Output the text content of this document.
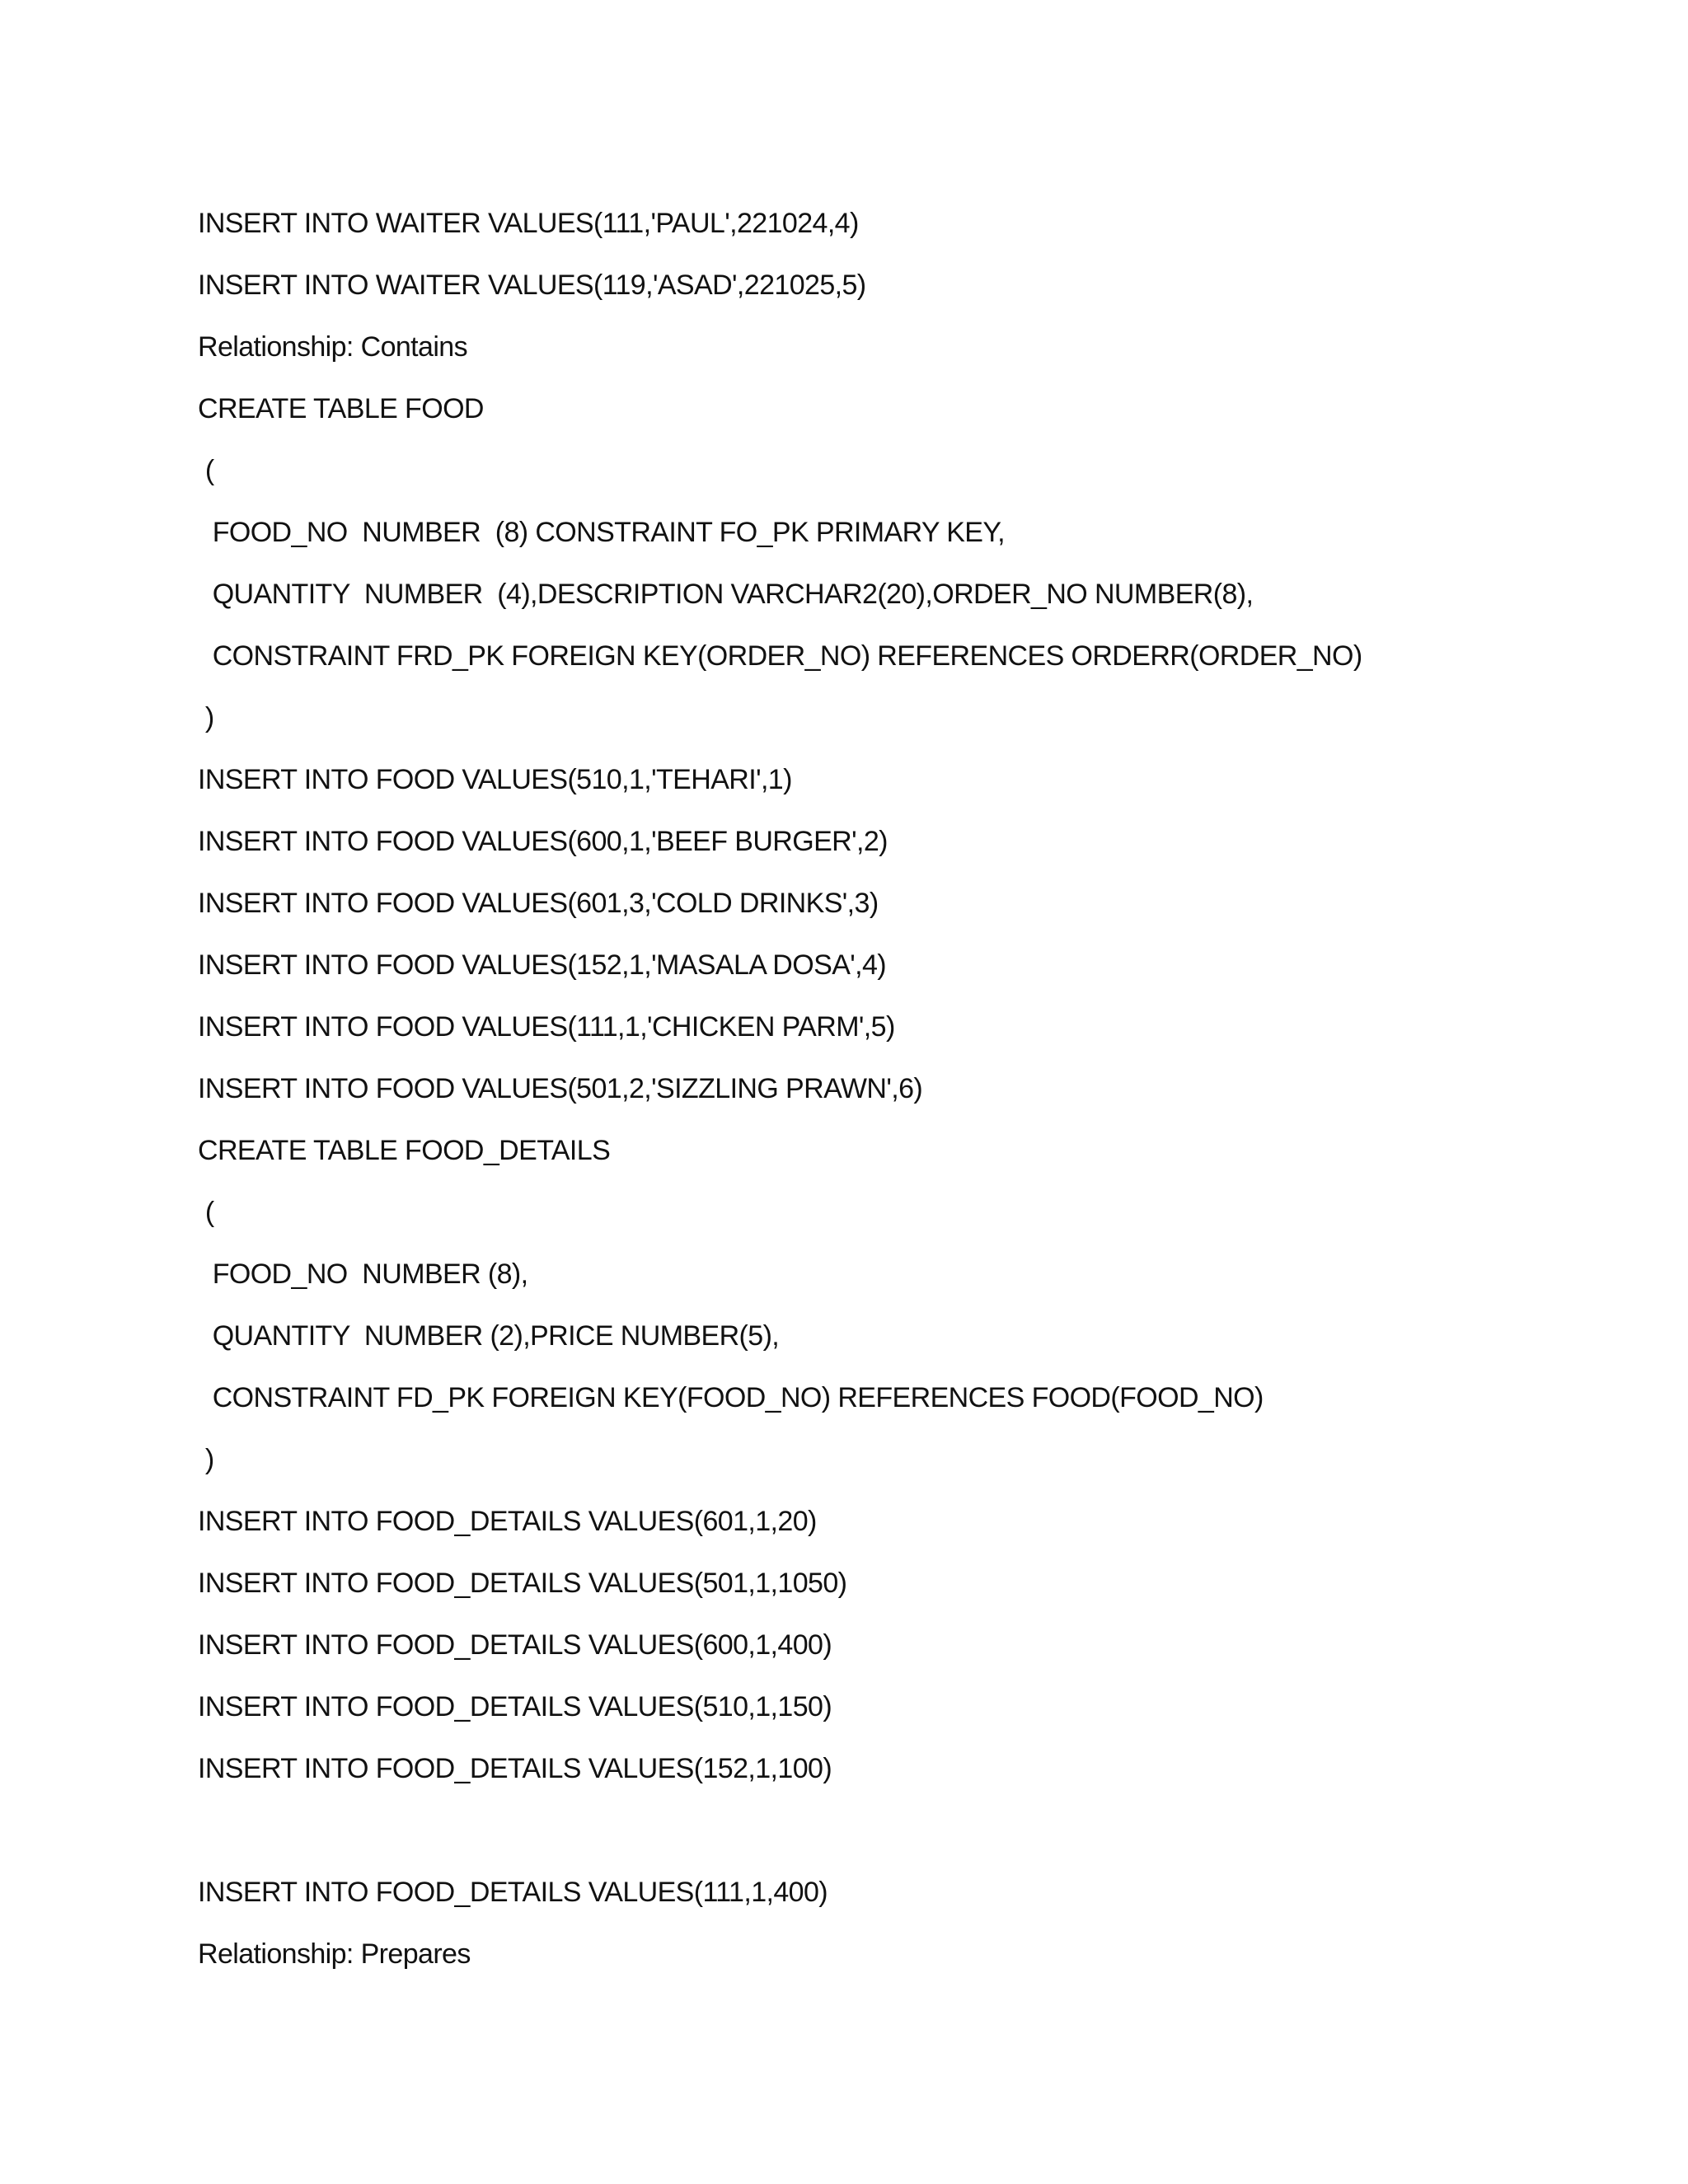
INSERT INTO WAITER VALUES(111,'PAUL',221024,4)
INSERT INTO WAITER VALUES(119,'ASAD',221025,5)
Relationship: Contains
CREATE TABLE FOOD
(
FOOD_NO  NUMBER  (8) CONSTRAINT FO_PK PRIMARY KEY,
QUANTITY  NUMBER  (4),DESCRIPTION VARCHAR2(20),ORDER_NO NUMBER(8),
CONSTRAINT FRD_PK FOREIGN KEY(ORDER_NO) REFERENCES ORDERR(ORDER_NO)
)
INSERT INTO FOOD VALUES(510,1,'TEHARI',1)
INSERT INTO FOOD VALUES(600,1,'BEEF BURGER',2)
INSERT INTO FOOD VALUES(601,3,'COLD DRINKS',3)
INSERT INTO FOOD VALUES(152,1,'MASALA DOSA',4)
INSERT INTO FOOD VALUES(111,1,'CHICKEN PARM',5)
INSERT INTO FOOD VALUES(501,2,'SIZZLING PRAWN',6)
CREATE TABLE FOOD_DETAILS
(
FOOD_NO  NUMBER (8),
QUANTITY  NUMBER (2),PRICE NUMBER(5),
CONSTRAINT FD_PK FOREIGN KEY(FOOD_NO) REFERENCES FOOD(FOOD_NO)
)
INSERT INTO FOOD_DETAILS VALUES(601,1,20)
INSERT INTO FOOD_DETAILS VALUES(501,1,1050)
INSERT INTO FOOD_DETAILS VALUES(600,1,400)
INSERT INTO FOOD_DETAILS VALUES(510,1,150)
INSERT INTO FOOD_DETAILS VALUES(152,1,100)
INSERT INTO FOOD_DETAILS VALUES(111,1,400)
Relationship: Prepares
